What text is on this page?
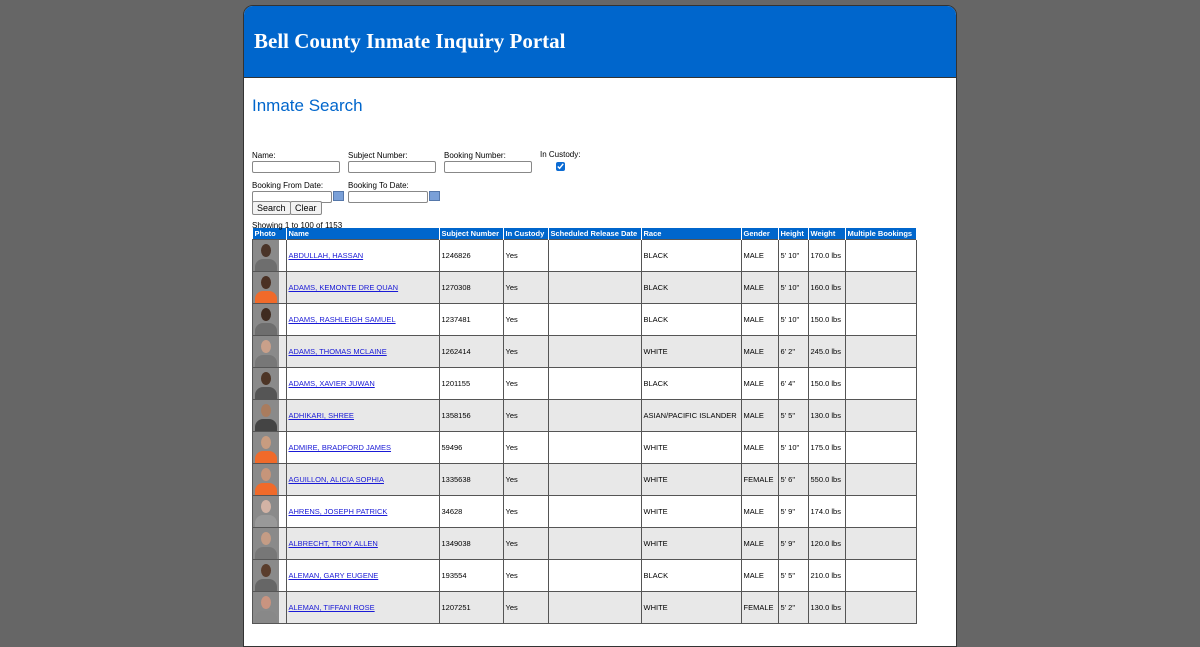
Bell County Inmate Inquiry Portal
Inmate Search
Name:	Subject Number:	Booking Number:	In Custody:
Booking From Date:	Booking To Date:
Search	Clear
Showing 1 to 100 of 1153
Photo	Name	Subject Number	In Custody	Scheduled Release Date	Race	Gender	Height	Weight	Multiple Bookings

	ABDULLAH, HASSAN	1246826	Yes		BLACK	MALE	5' 10"	170.0 lbs	

	ADAMS, KEMONTE DRE QUAN	1270308	Yes		BLACK	MALE	5' 10"	160.0 lbs	

	ADAMS, RASHLEIGH SAMUEL	1237481	Yes		BLACK	MALE	5' 10"	150.0 lbs	

	ADAMS, THOMAS MCLAINE	1262414	Yes		WHITE	MALE	6' 2"	245.0 lbs	

	ADAMS, XAVIER JUWAN	1201155	Yes		BLACK	MALE	6' 4"	150.0 lbs	

	ADHIKARI, SHREE	1358156	Yes		ASIAN/PACIFIC ISLANDER	MALE	5' 5"	130.0 lbs	

	ADMIRE, BRADFORD JAMES	59496	Yes		WHITE	MALE	5' 10"	175.0 lbs	

	AGUILLON, ALICIA SOPHIA	1335638	Yes		WHITE	FEMALE	5' 6"	550.0 lbs	

	AHRENS, JOSEPH PATRICK	34628	Yes		WHITE	MALE	5' 9"	174.0 lbs	

	ALBRECHT, TROY ALLEN	1349038	Yes		WHITE	MALE	5' 9"	120.0 lbs	

	ALEMAN, GARY EUGENE	193554	Yes		BLACK	MALE	5' 5"	210.0 lbs	

	ALEMAN, TIFFANI ROSE	1207251	Yes		WHITE	FEMALE	5' 2"	130.0 lbs	
